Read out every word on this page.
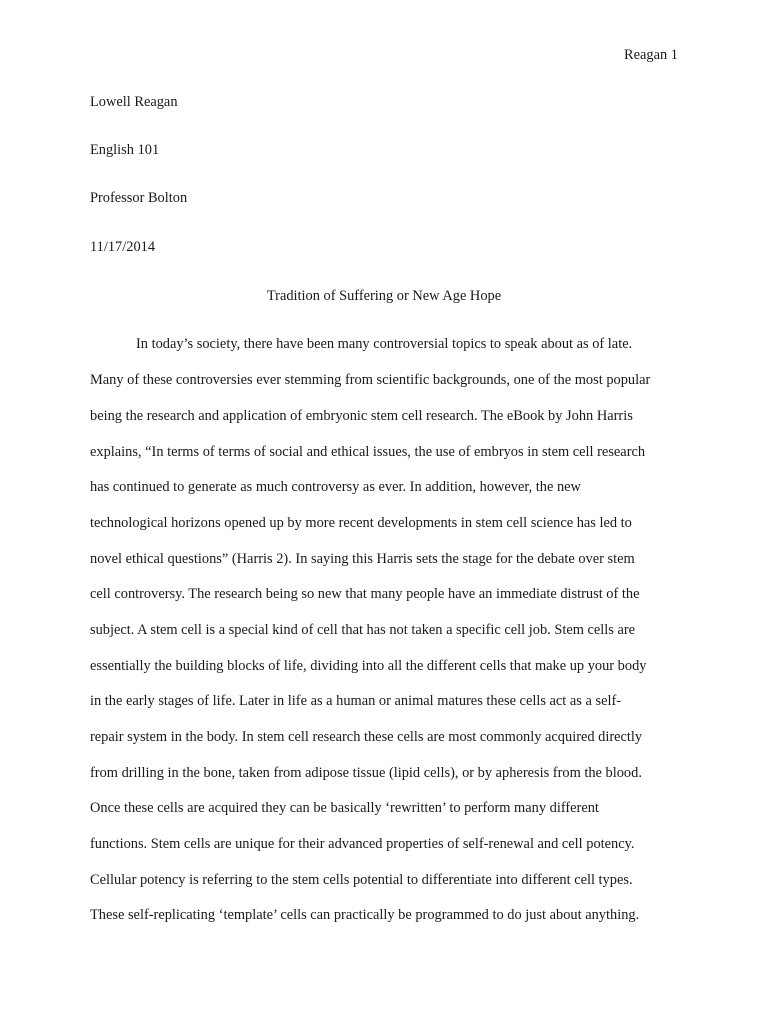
Reagan 1
Lowell Reagan
English 101
Professor Bolton
11/17/2014
Tradition of Suffering or New Age Hope
In today’s society, there have been many controversial topics to speak about as of late.
Many of these controversies ever stemming from scientific backgrounds, one of the most popular
being the research and application of embryonic stem cell research. The eBook by John Harris
explains, “In terms of terms of social and ethical issues, the use of embryos in stem cell research
has continued to generate as much controversy as ever. In addition, however, the new
technological horizons opened up by more recent developments in stem cell science has led to
novel ethical questions” (Harris 2). In saying this Harris sets the stage for the debate over stem
cell controversy. The research being so new that many people have an immediate distrust of the
subject. A stem cell is a special kind of cell that has not taken a specific cell job. Stem cells are
essentially the building blocks of life, dividing into all the different cells that make up your body
in the early stages of life. Later in life as a human or animal matures these cells act as a self-
repair system in the body. In stem cell research these cells are most commonly acquired directly
from drilling in the bone, taken from adipose tissue (lipid cells), or by apheresis from the blood.
Once these cells are acquired they can be basically ‘rewritten’ to perform many different
functions. Stem cells are unique for their advanced properties of self-renewal and cell potency.
Cellular potency is referring to the stem cells potential to differentiate into different cell types.
These self-replicating ‘template’ cells can practically be programmed to do just about anything.
